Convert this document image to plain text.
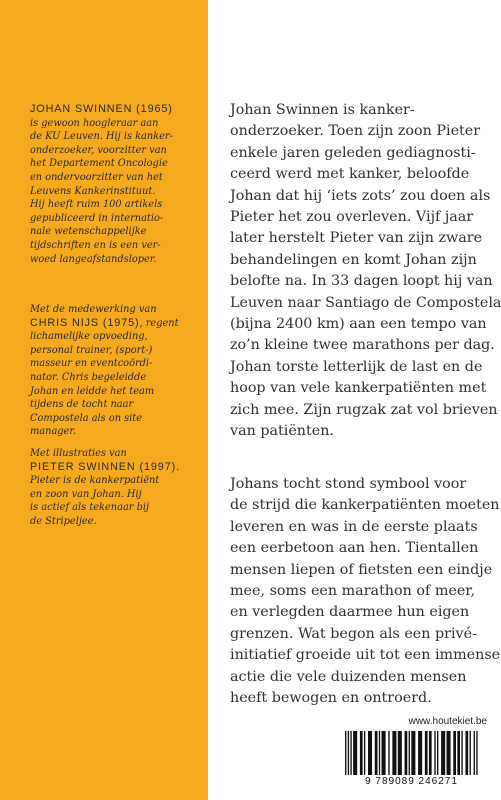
JOHAN SWINNEN (1965)
is gewoon hoogleraar aan
de KU Leuven. Hij is kanker-
onderzoeker, voorzitter van
het Departement Oncologie
en ondervoorzitter van het
Leuvens Kankerinstituut.
Hij heeft ruim 100 artikels
gepubliceerd in internatio-
nale wetenschappelijke
tijdschriften en is een ver-
woed langeafstandsloper.
Met de medewerking van
CHRIS NIJS (1975), regent
lichamelijke opvoeding,
personal trainer, (sport-)
masseur en eventcoördi-
nator. Chris begeleidde
Johan en leidde het team
tijdens de tocht naar
Compostela als on site
manager.
Met illustraties van
PIETER SWINNEN (1997).
Pieter is de kankerpatiënt
en zoon van Johan. Hij
is actief als tekenaar bij
de Stripeljee.
Johan Swinnen is kanker-
onderzoeker. Toen zijn zoon Pieter
enkele jaren geleden gediagnosti-
ceerd werd met kanker, beloofde
Johan dat hij ‘iets zots’ zou doen als
Pieter het zou overleven. Vijf jaar
later herstelt Pieter van zijn zware
behandelingen en komt Johan zijn
belofte na. In 33 dagen loopt hij van
Leuven naar Santiago de Compostela
(bijna 2400 km) aan een tempo van
zo’n kleine twee marathons per dag.
Johan torste letterlijk de last en de
hoop van vele kankerpatiënten met
zich mee. Zijn rugzak zat vol brieven
van patiënten.
Johans tocht stond symbool voor
de strijd die kankerpatiënten moeten
leveren en was in de eerste plaats
een eerbetoon aan hen. Tientallen
mensen liepen of fietsten een eindje
mee, soms een marathon of meer,
en verlegden daarmee hun eigen
grenzen. Wat begon als een privé-
initiatief groeide uit tot een immense
actie die vele duizenden mensen
heeft bewogen en ontroerd.
www.houtekiet.be
9 789089 246271
